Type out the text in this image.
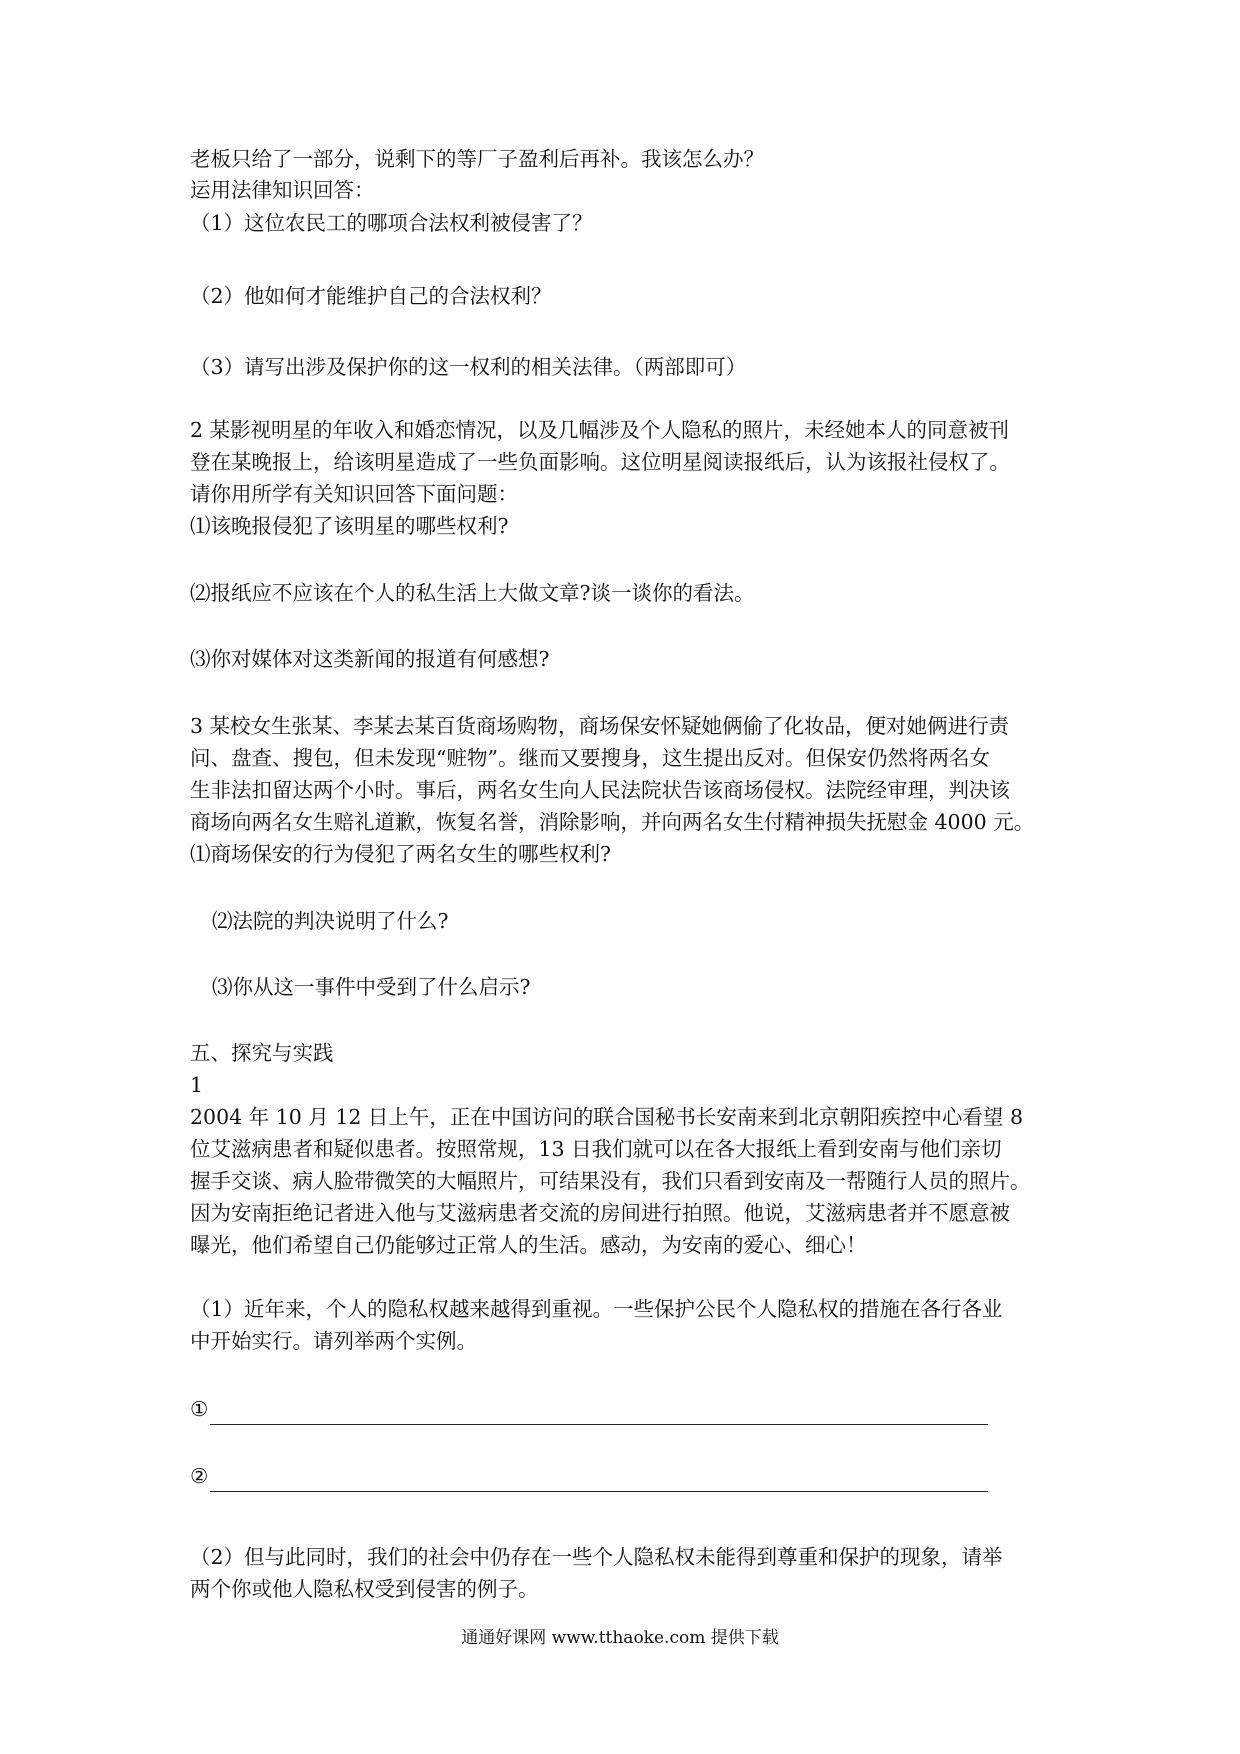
老板只给了一部分，说剩下的等厂子盈利后再补。我该怎么办？
运用法律知识回答：
（1）这位农民工的哪项合法权利被侵害了？
（2）他如何才能维护自己的合法权利？
（3）请写出涉及保护你的这一权利的相关法律。（两部即可）
2 某影视明星的年收入和婚恋情况，以及几幅涉及个人隐私的照片，未经她本人的同意被刊
登在某晚报上，给该明星造成了一些负面影响。这位明星阅读报纸后，认为该报社侵权了。
请你用所学有关知识回答下面问题：
⑴该晚报侵犯了该明星的哪些权利?
⑵报纸应不应该在个人的私生活上大做文章?谈一谈你的看法。
⑶你对媒体对这类新闻的报道有何感想?
3 某校女生张某、李某去某百货商场购物，商场保安怀疑她俩偷了化妆品，便对她俩进行责
问、盘查、搜包，但未发现“赃物”。继而又要搜身，这生提出反对。但保安仍然将两名女
生非法扣留达两个小时。事后，两名女生向人民法院状告该商场侵权。法院经审理，判决该
商场向两名女生赔礼道歉，恢复名誉，消除影响，并向两名女生付精神损失抚慰金 4000 元。
⑴商场保安的行为侵犯了两名女生的哪些权利?
⑵法院的判决说明了什么?
⑶你从这一事件中受到了什么启示?
五、探究与实践
1
2004 年 10 月 12 日上午，正在中国访问的联合国秘书长安南来到北京朝阳疾控中心看望 8
位艾滋病患者和疑似患者。按照常规，13 日我们就可以在各大报纸上看到安南与他们亲切
握手交谈、病人脸带微笑的大幅照片，可结果没有，我们只看到安南及一帮随行人员的照片。
因为安南拒绝记者进入他与艾滋病患者交流的房间进行拍照。他说，艾滋病患者并不愿意被
曝光，他们希望自己仍能够过正常人的生活。感动，为安南的爱心、细心！
（1）近年来，个人的隐私权越来越得到重视。一些保护公民个人隐私权的措施在各行各业
中开始实行。请列举两个实例。
（2）但与此同时，我们的社会中仍存在一些个人隐私权未能得到尊重和保护的现象，请举
两个你或他人隐私权受到侵害的例子。
①
②
通通好课网 www.tthaoke.com 提供下载
